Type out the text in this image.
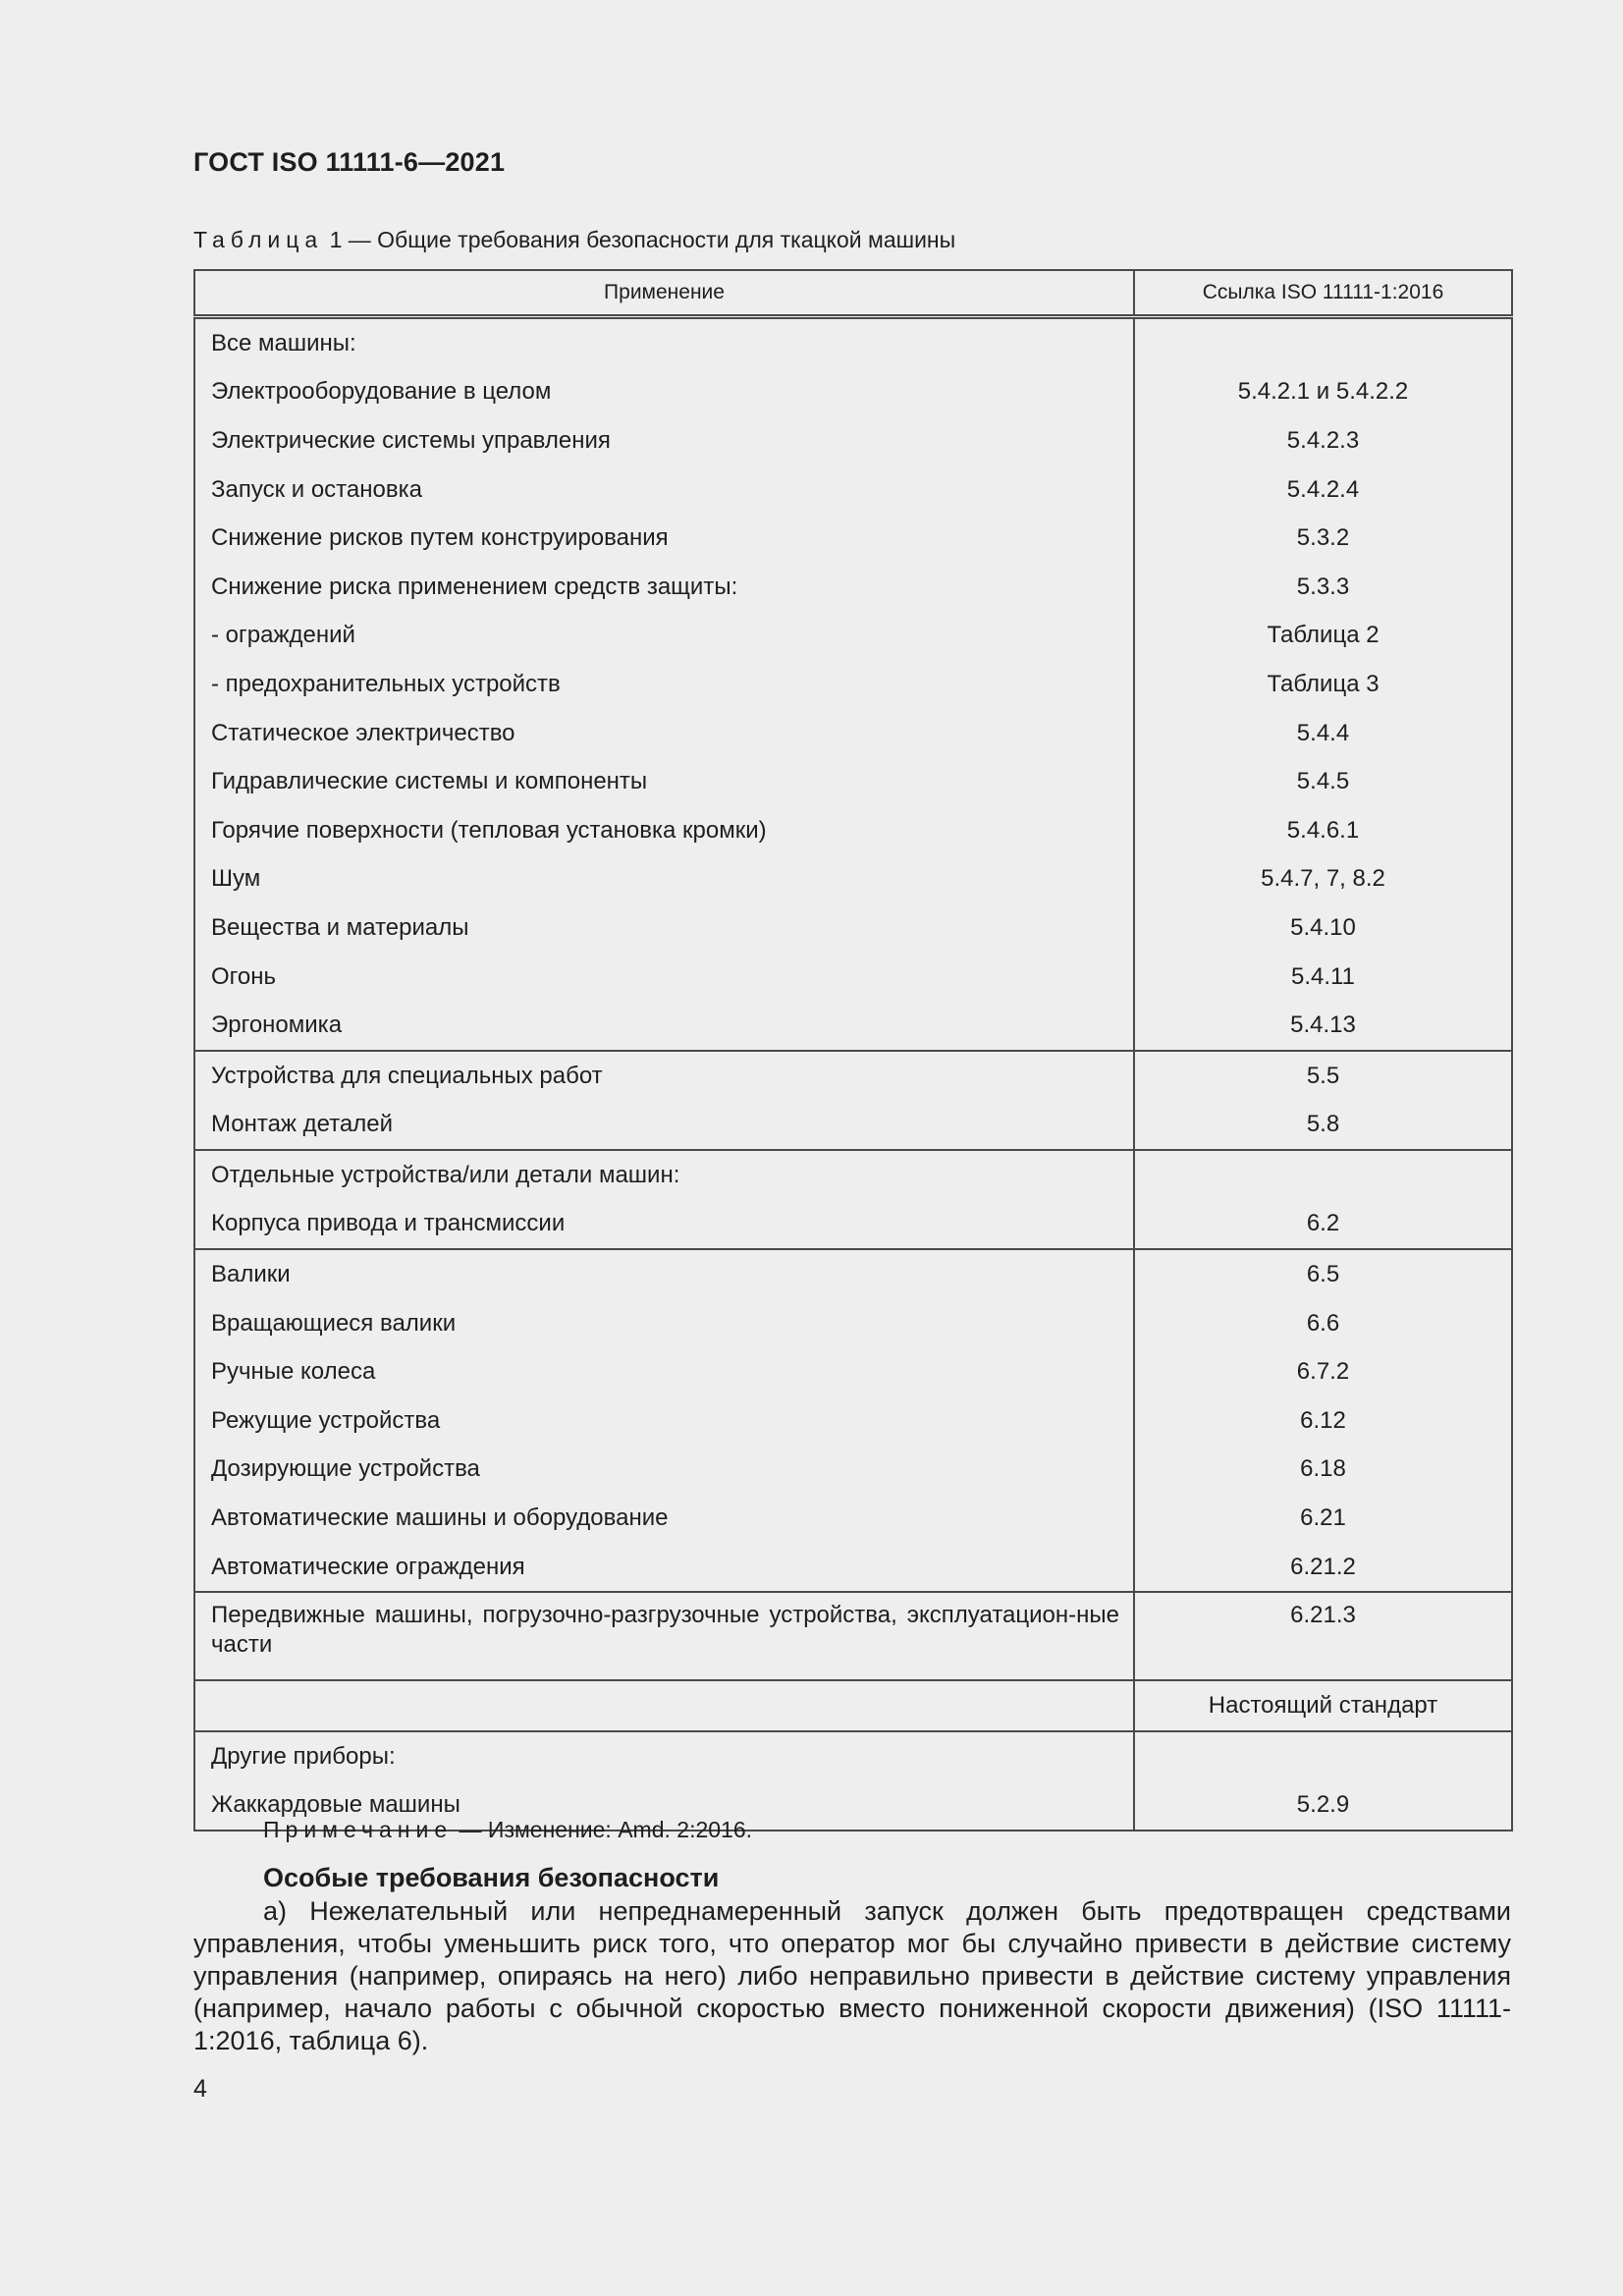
ГОСТ ISO 11111-6—2021
Таблица 1 — Общие требования безопасности для ткацкой машины
Применение	Ссылка ISO 11111-1:2016
Все машины:	
Электрооборудование в целом	5.4.2.1 и 5.4.2.2
Электрические системы управления	5.4.2.3
Запуск и остановка	5.4.2.4
Снижение рисков путем конструирования	5.3.2
Снижение риска применением средств защиты:	5.3.3
- ограждений	Таблица 2
- предохранительных устройств	Таблица 3
Статическое электричество	5.4.4
Гидравлические системы и компоненты	5.4.5
Горячие поверхности (тепловая установка кромки)	5.4.6.1
Шум	5.4.7, 7, 8.2
Вещества и материалы	5.4.10
Огонь	5.4.11
Эргономика	5.4.13
Устройства для специальных работ	5.5
Монтаж деталей	5.8
Отдельные устройства/или детали машин:	
Корпуса привода и трансмиссии	6.2
Валики	6.5
Вращающиеся валики	6.6
Ручные колеса	6.7.2
Режущие устройства	6.12
Дозирующие устройства	6.18
Автоматические машины и оборудование	6.21
Автоматические ограждения	6.21.2
Передвижные машины, погрузочно-разгрузочные устройства, эксплуатацион-ные части	6.21.3
	Настоящий стандарт
Другие приборы:	
Жаккардовые машины	5.2.9
Примечание — Изменение: Amd. 2:2016.
Особые требования безопасности
а) Нежелательный или непреднамеренный запуск должен быть предотвращен средствами управления, чтобы уменьшить риск того, что оператор мог бы случайно привести в действие систему управления (например, опираясь на него) либо неправильно привести в действие систему управления (например, начало работы с обычной скоростью вместо пониженной скорости движения) (ISO 11111-1:2016, таблица 6).
4
